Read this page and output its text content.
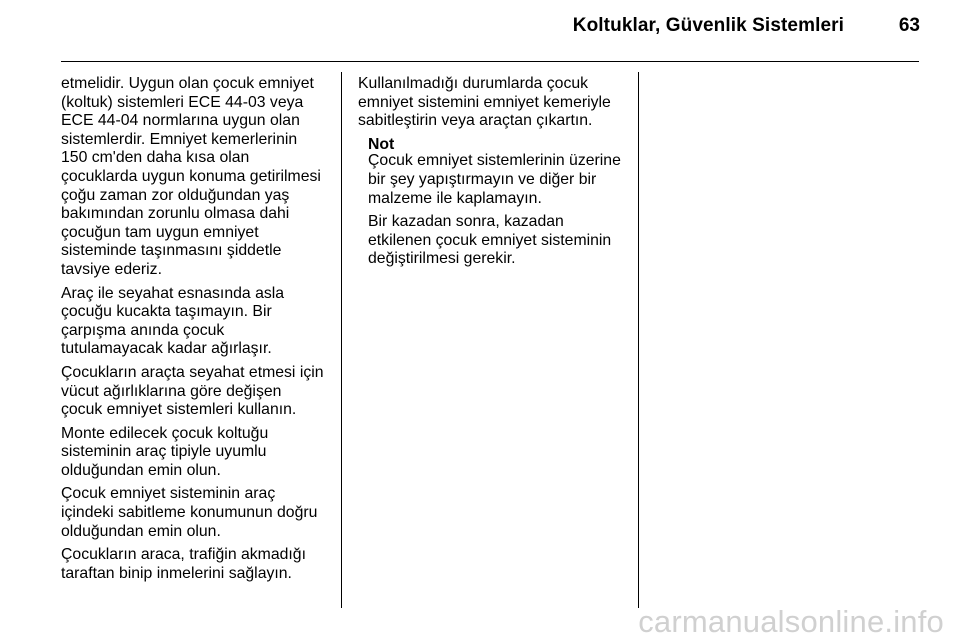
Koltuklar, Güvenlik Sistemleri	63

etmelidir. Uygun olan çocuk emniyet
(koltuk) sistemleri ECE 44-03 veya
ECE 44-04 normlarına uygun olan
sistemlerdir. Emniyet kemerlerinin
150 cm'den daha kısa olan
çocuklarda uygun konuma getirilmesi
çoğu zaman zor olduğundan yaş
bakımından zorunlu olmasa dahi
çocuğun tam uygun emniyet
sisteminde taşınmasını şiddetle
tavsiye ederiz.

Araç ile seyahat esnasında asla
çocuğu kucakta taşımayın. Bir
çarpışma anında çocuk
tutulamayacak kadar ağırlaşır.

Çocukların araçta seyahat etmesi için
vücut ağırlıklarına göre değişen
çocuk emniyet sistemleri kullanın.

Monte edilecek çocuk koltuğu
sisteminin araç tipiyle uyumlu
olduğundan emin olun.

Çocuk emniyet sisteminin araç
içindeki sabitleme konumunun doğru
olduğundan emin olun.

Çocukların araca, trafiğin akmadığı
taraftan binip inmelerini sağlayın.

Kullanılmadığı durumlarda çocuk
emniyet sistemini emniyet kemeriyle
sabitleştirin veya araçtan çıkartın.

Not

Çocuk emniyet sistemlerinin üzerine
bir şey yapıştırmayın ve diğer bir
malzeme ile kaplamayın.

Bir kazadan sonra, kazadan
etkilenen çocuk emniyet sisteminin
değiştirilmesi gerekir.

carmanualsonline.info
